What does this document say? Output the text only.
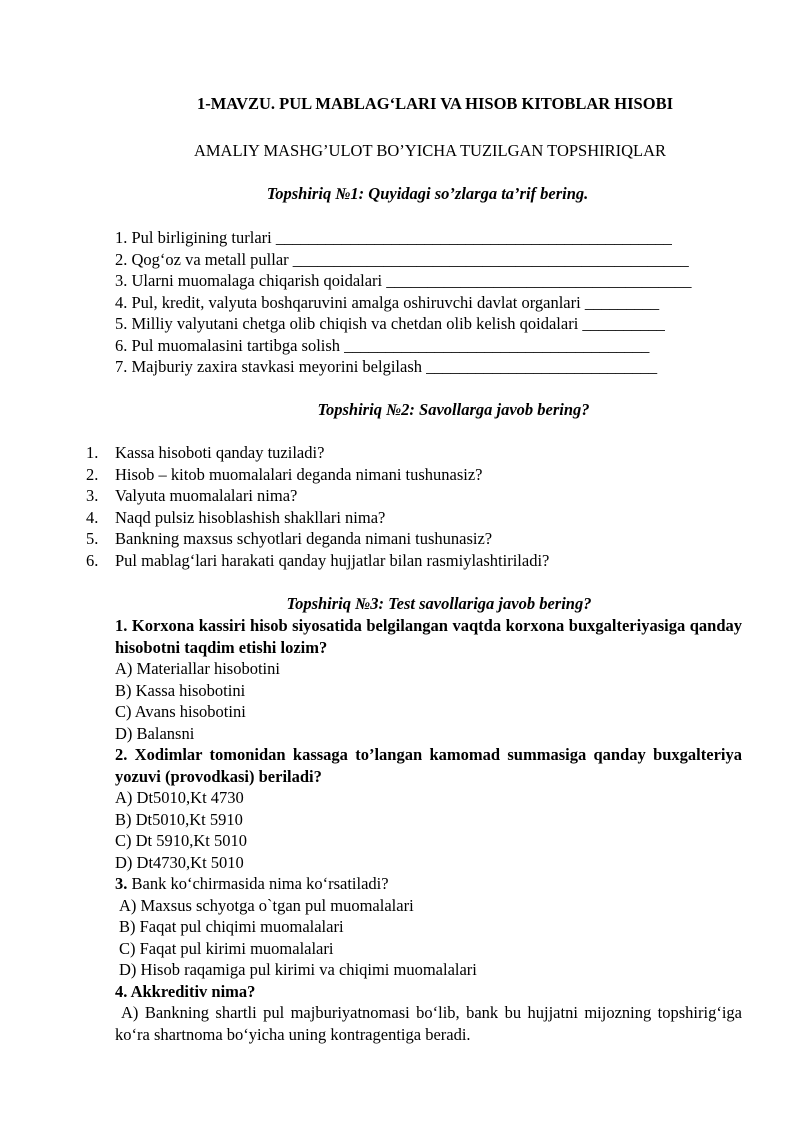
1-MAVZU. PUL MABLAG‘LARI VA HISOB KITOBLAR HISOBI
AMALIY MASHG’ULOT BO’YICHA TUZILGAN TOPSHIRIQLAR
Topshiriq №1: Quyidagi so’zlarga ta’rif bering.
1. Pul birligining turlari ________________________________________________
2. Qog‘oz va metall pullar ________________________________________________
3. Ularni muomalaga chiqarish qoidalari _____________________________________
4. Pul, kredit, valyuta boshqaruvini amalga oshiruvchi davlat organlari _________
5. Milliy valyutani chetga olib chiqish va chetdan olib kelish qoidalari __________
6. Pul muomalasini tartibga solish _____________________________________
7. Majburiy zaxira stavkasi meyorini belgilash ____________________________
Topshiriq №2: Savollarga javob bering?
1.	Kassa hisoboti qanday tuziladi?
2.	Hisob – kitob muomalalari deganda nimani tushunasiz?
3.	Valyuta muomalalari nima?
4.	Naqd pulsiz hisoblashish shakllari nima?
5.	Bankning maxsus schyotlari deganda nimani tushunasiz?
6.	Pul mablag‘lari harakati qanday hujjatlar bilan rasmiylashtiriladi?
Topshiriq №3: Test savollariga javob bering?
1. Korxona kassiri hisob siyosatida belgilangan vaqtda korxona buxgalteriyasiga qanday hisobotni taqdim etishi lozim?
A) Materiallar hisobotini
B) Kassa hisobotini
C) Avans hisobotini
D) Balansni
2. Xodimlar tomonidan kassaga to’langan kamomad summasiga qanday buxgalteriya yozuvi (provodkasi) beriladi?
A) Dt5010,Kt 4730
B) Dt5010,Kt 5910
C) Dt 5910,Kt 5010
D) Dt4730,Kt 5010
3. Bank ko‘chirmasida nima ko‘rsatiladi?
A) Maxsus schyotga o`tgan pul muomalalari
B) Faqat pul chiqimi muomalalari
C) Faqat pul kirimi muomalalari
D) Hisob raqamiga pul kirimi va chiqimi muomalalari
4. Akkreditiv nima?
A) Bankning shartli pul majburiyatnomasi bo‘lib, bank bu hujjatni mijozning topshirig‘iga ko‘ra shartnoma bo‘yicha uning kontragentiga beradi.
